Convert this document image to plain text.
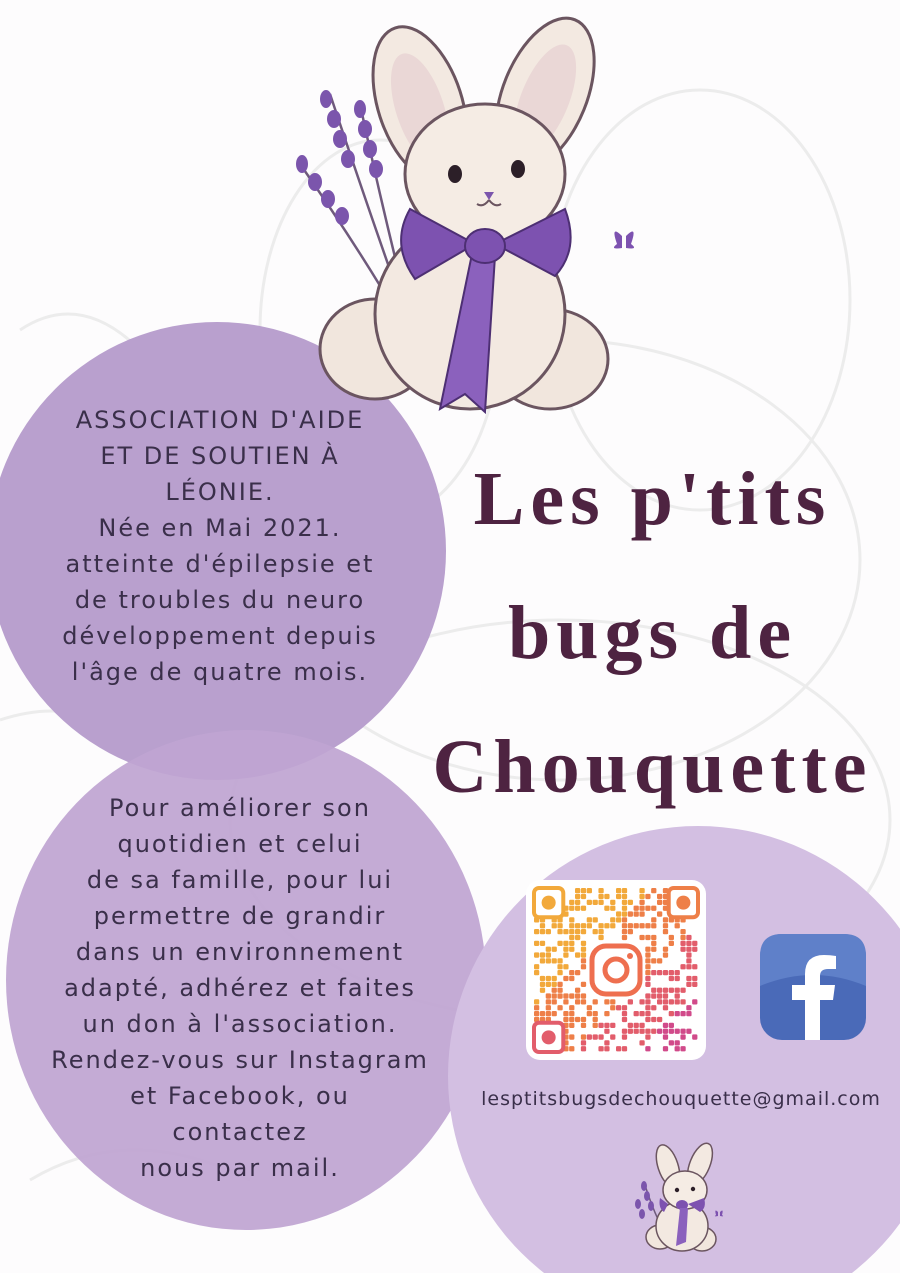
ASSOCIATION D'AIDE
ET DE SOUTIEN À
LÉONIE.
Née en Mai 2021.
atteinte d'épilepsie et
de troubles du neuro
développement depuis
l'âge de quatre mois.
Les p'tits
bugs de
Chouquette
Pour améliorer son
quotidien et celui
de sa famille, pour lui
permettre de grandir
dans un environnement
adapté, adhérez et faites
un don à l'association.
Rendez-vous sur Instagram
et Facebook, ou
contactez
nous par mail.
lesptitsbugsdechouquette@gmail.com
